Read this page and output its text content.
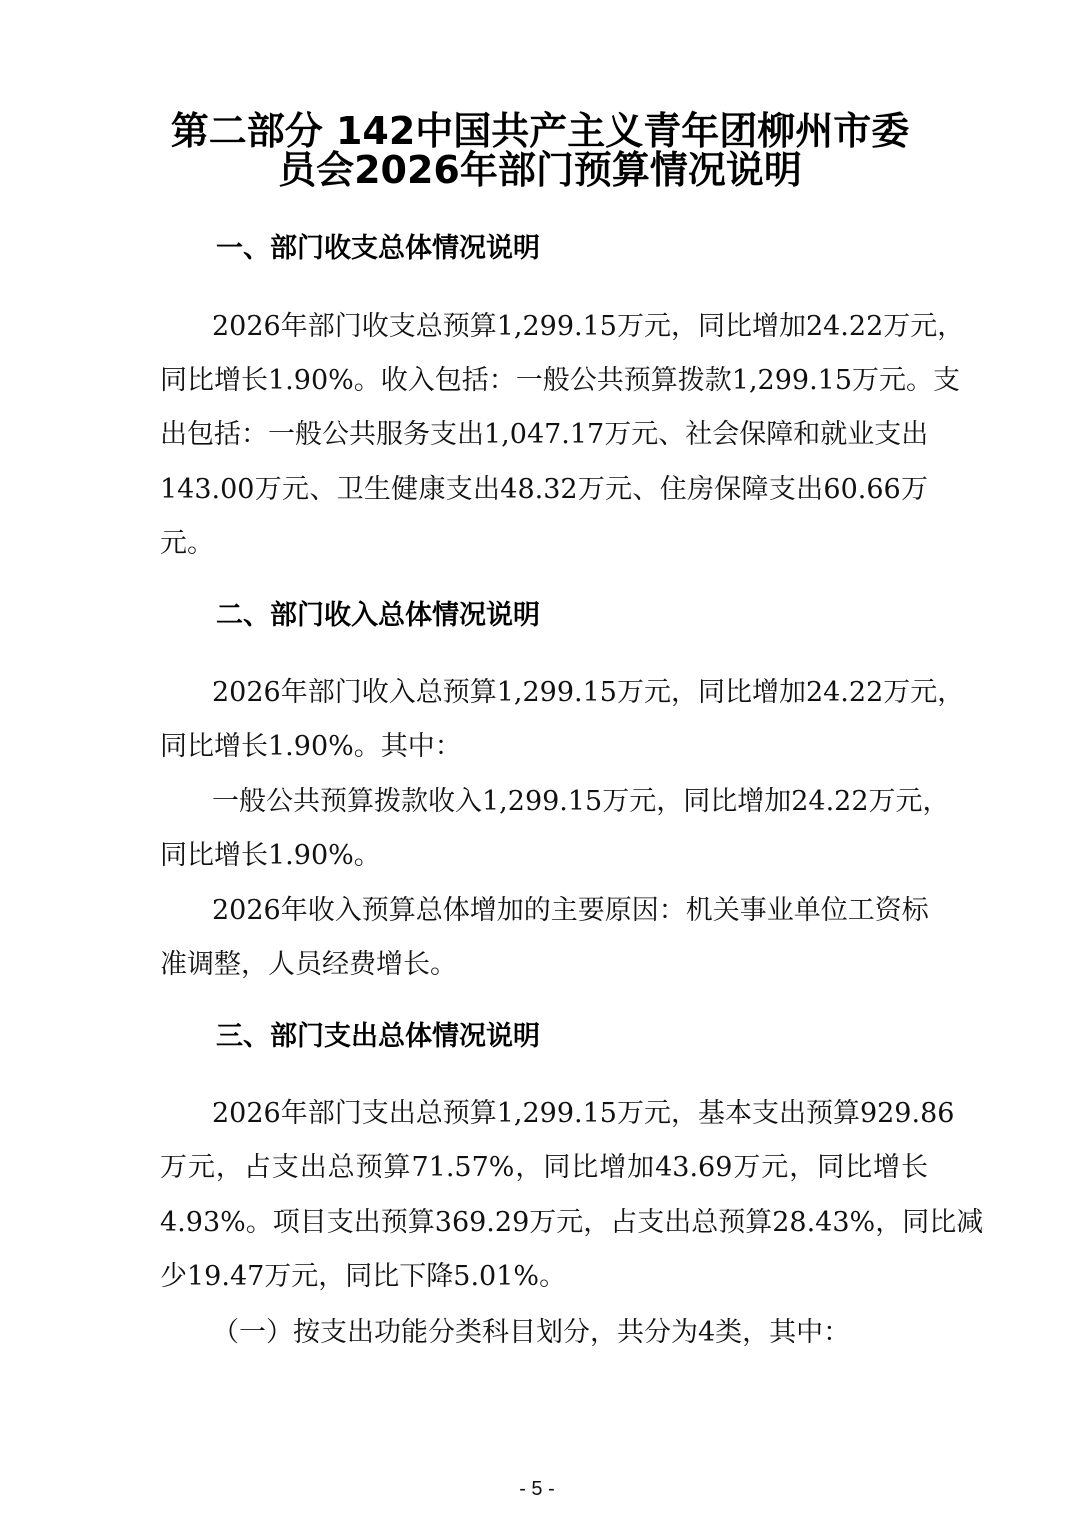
第二部分 142中国共产主义青年团柳州市委
员会2026年部门预算情况说明
一、部门收支总体情况说明
2026年部门收支总预算1,299.15万元，同比增加24.22万元，
同比增长1.90%。收入包括：一般公共预算拨款1,299.15万元。支
出包括：一般公共服务支出1,047.17万元、社会保障和就业支出
143.00万元、卫生健康支出48.32万元、住房保障支出60.66万
元。
二、部门收入总体情况说明
2026年部门收入总预算1,299.15万元，同比增加24.22万元，
同比增长1.90%。其中：
一般公共预算拨款收入1,299.15万元，同比增加24.22万元，
同比增长1.90%。
2026年收入预算总体增加的主要原因：机关事业单位工资标
准调整，人员经费增长。
三、部门支出总体情况说明
2026年部门支出总预算1,299.15万元，基本支出预算929.86
万元，占支出总预算71.57%，同比增加43.69万元，同比增长
4.93%。项目支出预算369.29万元，占支出总预算28.43%，同比减
少19.47万元，同比下降5.01%。
（一）按支出功能分类科目划分，共分为4类，其中：
- 5 -
